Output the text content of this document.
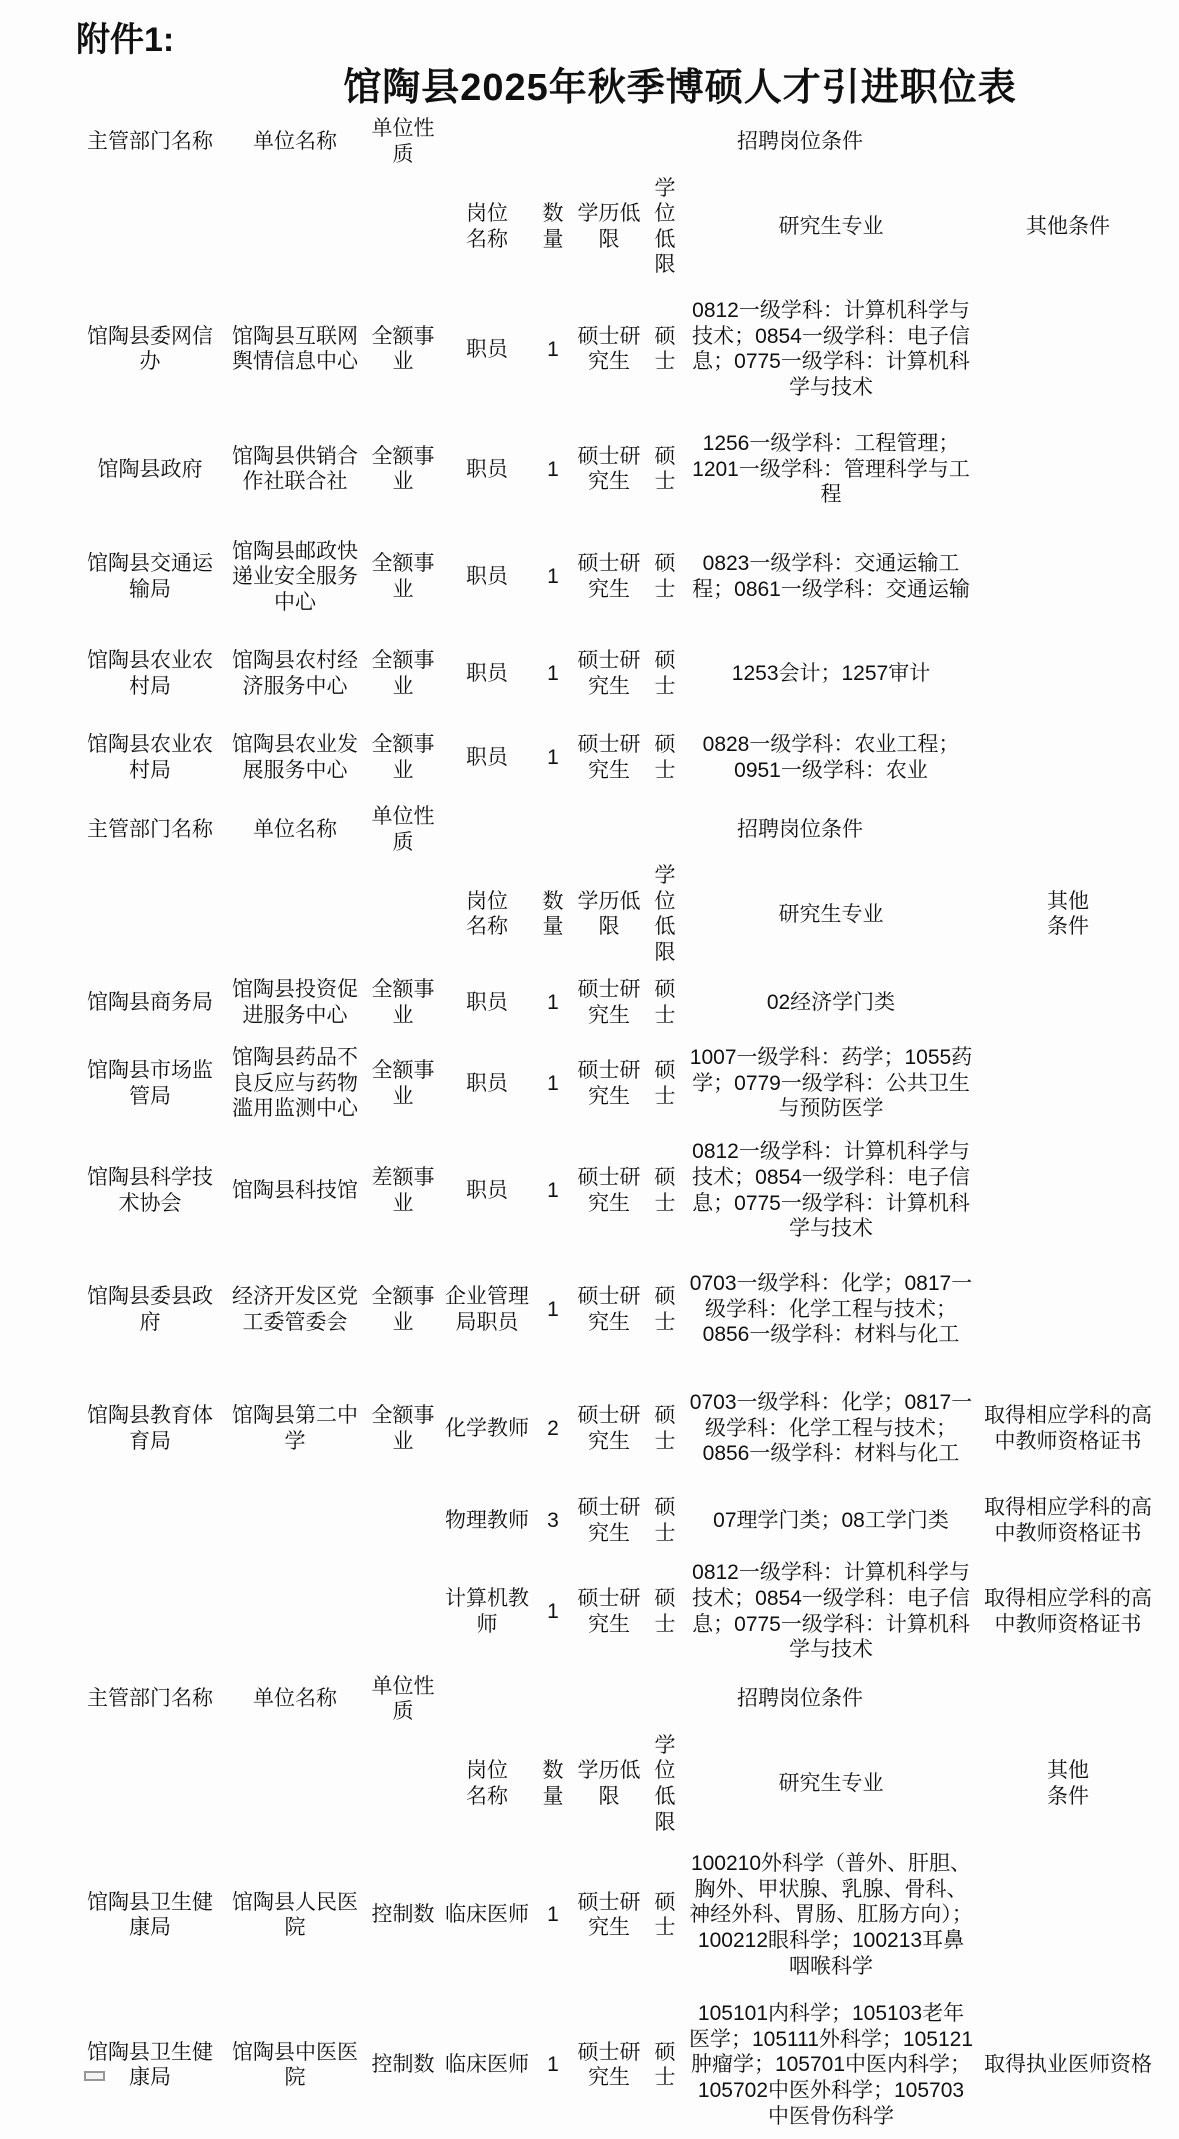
附件1:
馆陶县2025年秋季博硕人才引进职位表
主管部门名称	单位名称	单位性质	招聘岗位条件					
			岗位名称	数量	学历低限	学位低限	研究生专业	其他条件
馆陶县委网信办	馆陶县互联网舆情信息中心	全额事业	职员	1	硕士研究生	硕士	0812一级学科：计算机科学与技术；0854一级学科：电子信息；0775一级学科：计算机科学与技术	
馆陶县政府	馆陶县供销合作社联合社	全额事业	职员	1	硕士研究生	硕士	1256一级学科：工程管理；1201一级学科：管理科学与工程	
馆陶县交通运输局	馆陶县邮政快递业安全服务中心	全额事业	职员	1	硕士研究生	硕士	0823一级学科：交通运输工程；0861一级学科：交通运输	
馆陶县农业农村局	馆陶县农村经济服务中心	全额事业	职员	1	硕士研究生	硕士	1253会计；1257审计	
馆陶县农业农村局	馆陶县农业发展服务中心	全额事业	职员	1	硕士研究生	硕士	0828一级学科：农业工程；0951一级学科：农业	
主管部门名称	单位名称	单位性质	招聘岗位条件					
			岗位名称	数量	学历低限	学位低限	研究生专业	其他条件
馆陶县商务局	馆陶县投资促进服务中心	全额事业	职员	1	硕士研究生	硕士	02经济学门类	
馆陶县市场监管局	馆陶县药品不良反应与药物滥用监测中心	全额事业	职员	1	硕士研究生	硕士	1007一级学科：药学；1055药学；0779一级学科：公共卫生与预防医学	
馆陶县科学技术协会	馆陶县科技馆	差额事业	职员	1	硕士研究生	硕士	0812一级学科：计算机科学与技术；0854一级学科：电子信息；0775一级学科：计算机科学与技术	
馆陶县委县政府	经济开发区党工委管委会	全额事业	企业管理局职员	1	硕士研究生	硕士	0703一级学科：化学；0817一级学科：化学工程与技术；0856一级学科：材料与化工	
馆陶县教育体育局	馆陶县第二中学	全额事业	化学教师	2	硕士研究生	硕士	0703一级学科：化学；0817一级学科：化学工程与技术；0856一级学科：材料与化工	取得相应学科的高中教师资格证书
			物理教师	3	硕士研究生	硕士	07理学门类；08工学门类	取得相应学科的高中教师资格证书
			计算机教师	1	硕士研究生	硕士	0812一级学科：计算机科学与技术；0854一级学科：电子信息；0775一级学科：计算机科学与技术	取得相应学科的高中教师资格证书
主管部门名称	单位名称	单位性质	招聘岗位条件					
			岗位名称	数量	学历低限	学位低限	研究生专业	其他条件
馆陶县卫生健康局	馆陶县人民医院	控制数	临床医师	1	硕士研究生	硕士	100210外科学（普外、肝胆、胸外、甲状腺、乳腺、骨科、神经外科、胃肠、肛肠方向）；100212眼科学；100213耳鼻咽喉科学	
馆陶县卫生健康局	馆陶县中医医院	控制数	临床医师	1	硕士研究生	硕士	105101内科学；105103老年医学；105111外科学；105121肿瘤学；105701中医内科学；105702中医外科学；105703中医骨伤科学	取得执业医师资格
